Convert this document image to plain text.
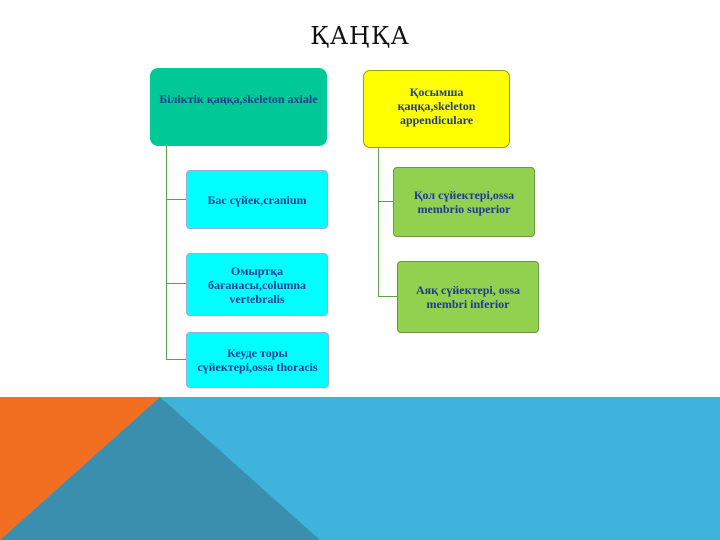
ҚАҢҚА
Біліктік қаңқа,skeleton axiale	Қосымша қаңқа,skeleton appendiculare
Бас сүйек,cranium
Омыртқа бағанасы,columna vertebralis
Кеуде торы сүйектері,ossa thoracis
Қол сүйектері,ossa membrio superior
Аяқ сүйектері, ossa membri inferior
